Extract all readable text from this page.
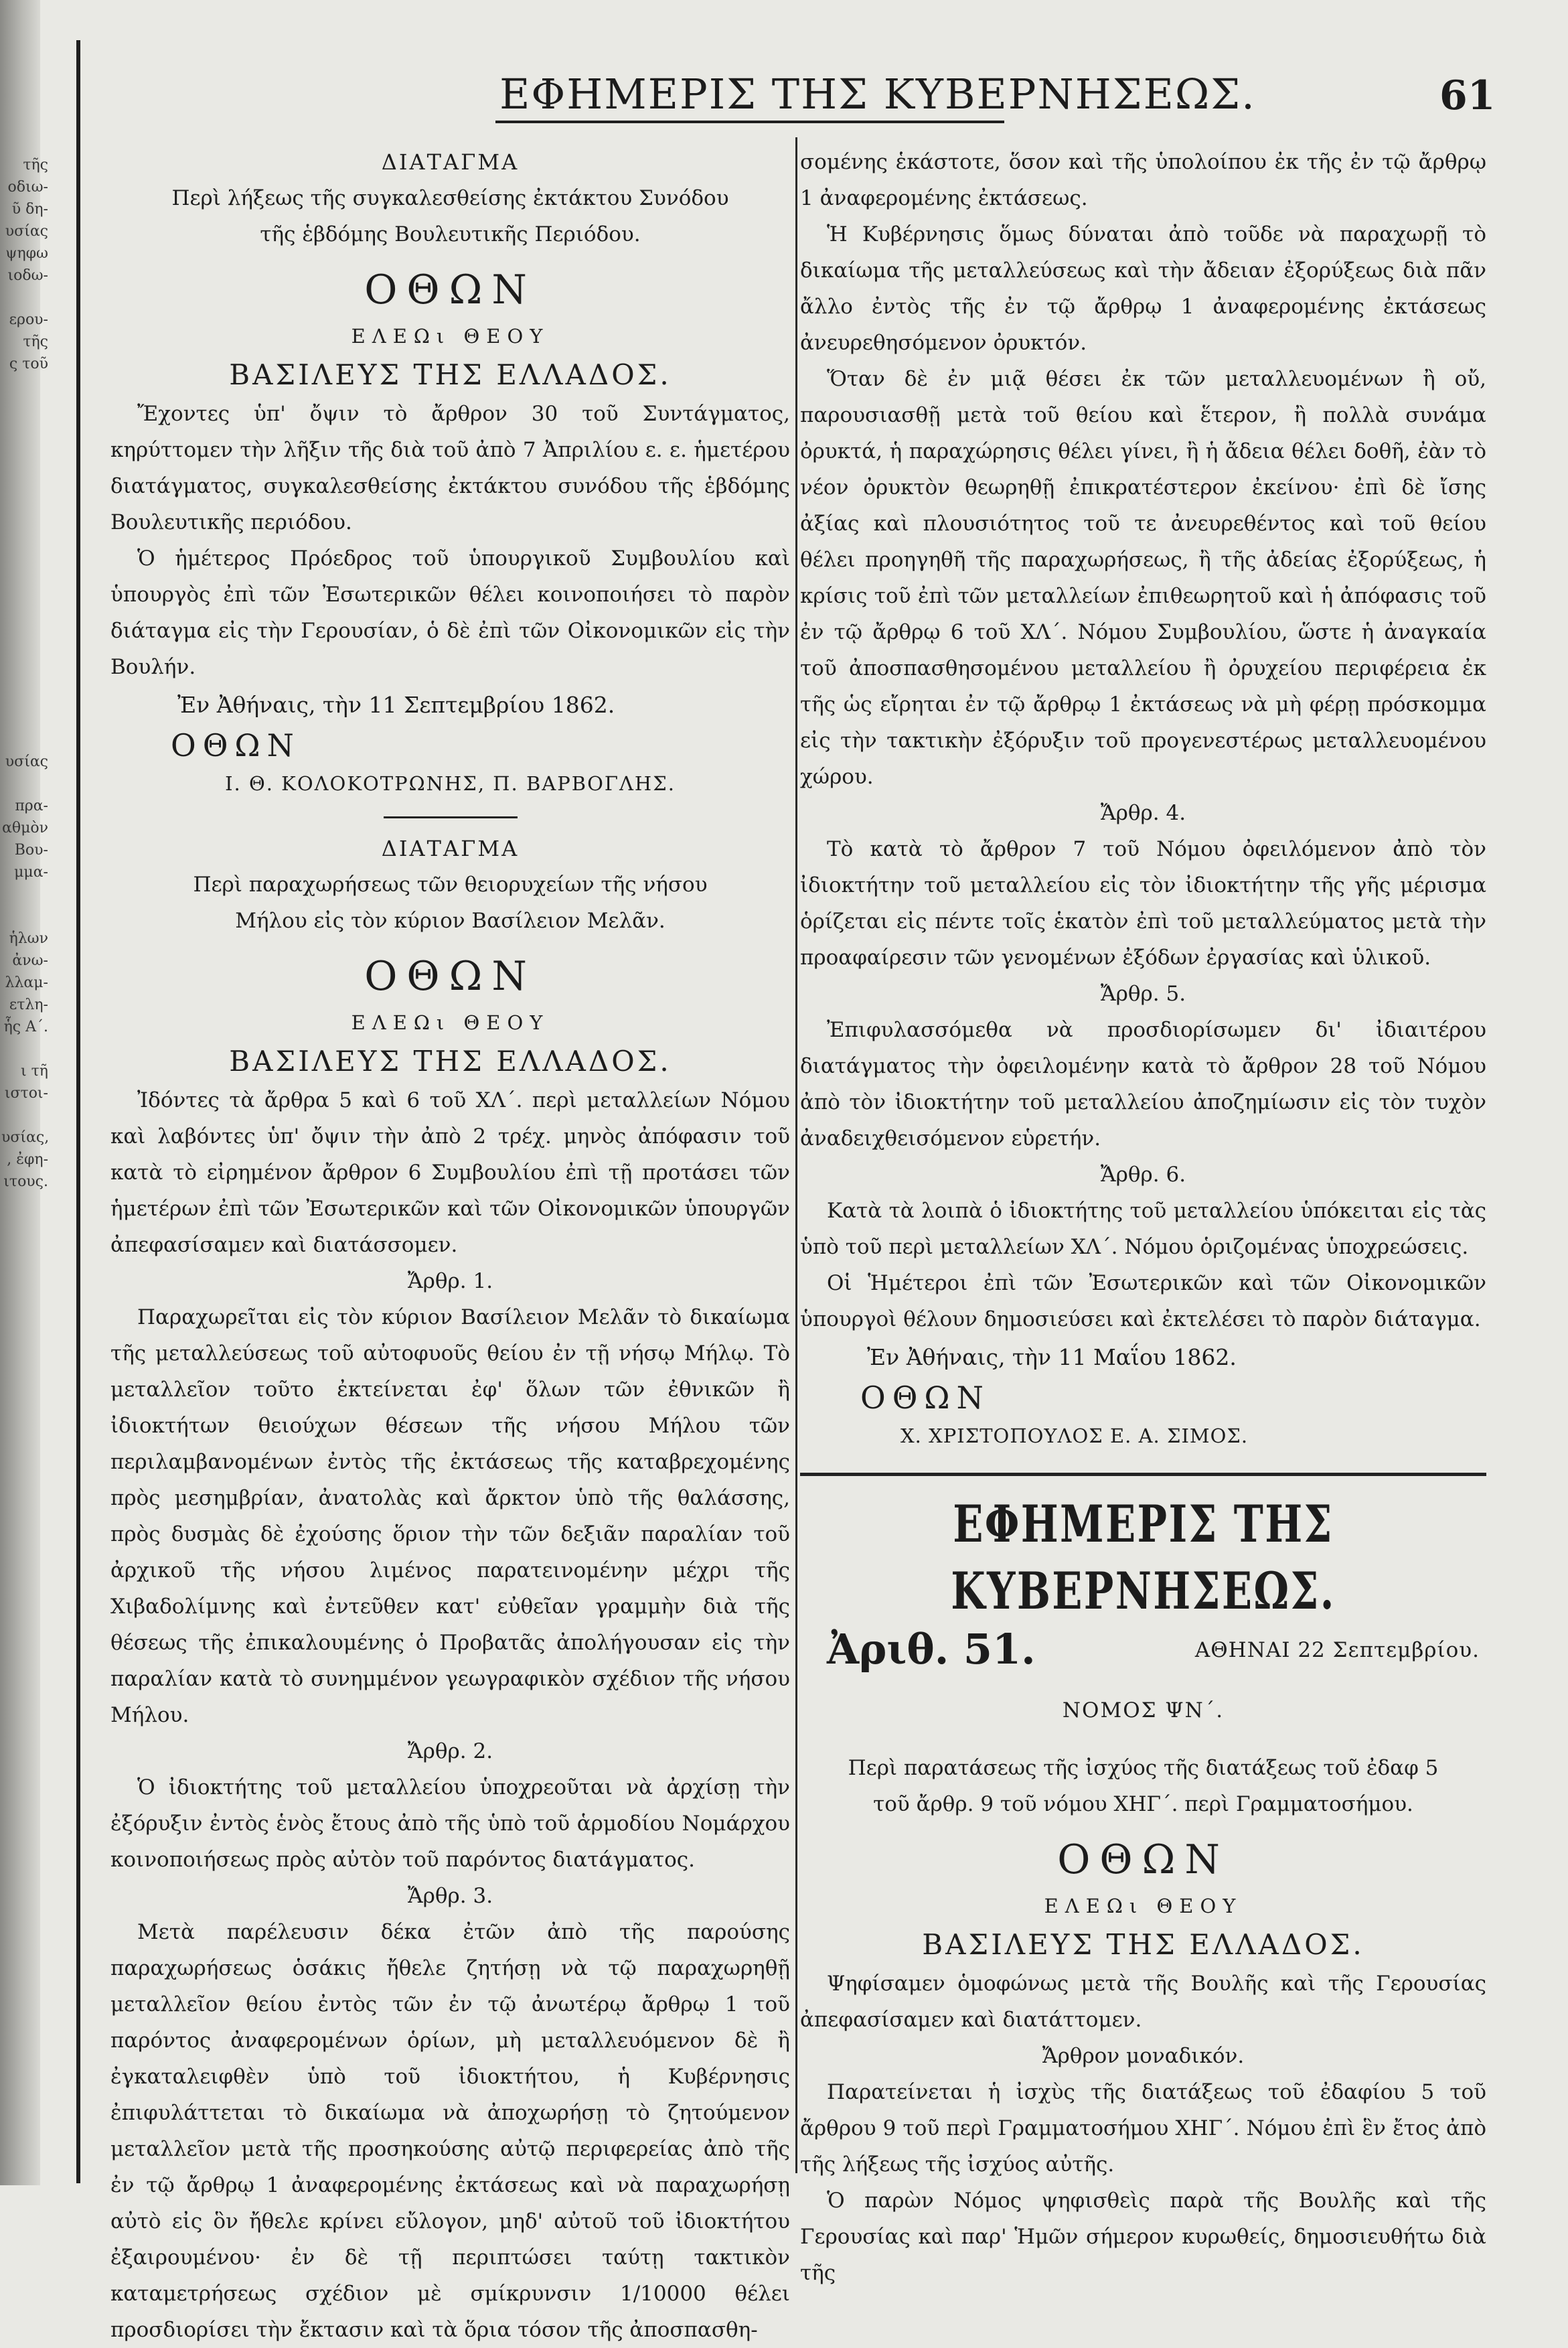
τῆς
οδιω-
ῦ δη-
υσίας
ψηφω
ιοδω-
ερου-
τῆς
ς τοῦ
υσίας
πρα-
αθμὸν
Βου-
μμα-
ἡλων
ἀνω-
λλαμ-
ετλη-
ἧς Α΄.
ι τῆ
ιστοι-
υσίας,
, ἐφη-
ιτους.
ΕΦΗΜΕΡΙΣ ΤΗΣ ΚΥΒΕΡΝΗΣΕΩΣ.	61

ΔΙΑΤΑΓΜΑ

Περὶ λήξεως τῆς συγκαλεσθείσης ἐκτάκτου Συνόδου τῆς ἑβδόμης Βουλευτικῆς Περιόδου.

ΟΘΩΝ

ΕΛΕΩι ΘΕΟΥ

ΒΑΣΙΛΕΥΣ ΤΗΣ ΕΛΛΑΔΟΣ.

Ἔχοντες ὑπ' ὄψιν τὸ ἄρθρον 30 τοῦ Συντάγματος, κηρύττομεν τὴν λῆξιν τῆς διὰ τοῦ ἀπὸ 7 Ἀπριλίου ε. ε. ἡμετέρου διατάγματος, συγκαλεσθείσης ἐκτάκτου συνόδου τῆς ἑβδόμης Βουλευτικῆς περιόδου.

Ὁ ἡμέτερος Πρόεδρος τοῦ ὑπουργικοῦ Συμβουλίου καὶ ὑπουργὸς ἐπὶ τῶν Ἐσωτερικῶν θέλει κοινοποιήσει τὸ παρὸν διάταγμα εἰς τὴν Γερουσίαν, ὁ δὲ ἐπὶ τῶν Οἰκονομικῶν εἰς τὴν Βουλήν.

Ἐν Ἀθήναις, τὴν 11 Σεπτεμβρίου 1862.

ΟΘΩΝ

Ι. Θ. ΚΟΛΟΚΟΤΡΩΝΗΣ, Π. ΒΑΡΒΟΓΛΗΣ.

ΔΙΑΤΑΓΜΑ

Περὶ παραχωρήσεως τῶν θειορυχείων τῆς νήσου Μήλου εἰς τὸν κύριον Βασίλειον Μελᾶν.

ΟΘΩΝ

ΕΛΕΩι ΘΕΟΥ

ΒΑΣΙΛΕΥΣ ΤΗΣ ΕΛΛΑΔΟΣ.

Ἰδόντες τὰ ἄρθρα 5 καὶ 6 τοῦ ΧΛ΄. περὶ μεταλλείων Νόμου καὶ λαβόντες ὑπ' ὄψιν τὴν ἀπὸ 2 τρέχ. μηνὸς ἀπόφασιν τοῦ κατὰ τὸ εἰρημένον ἄρθρον 6 Συμβουλίου ἐπὶ τῇ προτάσει τῶν ἡμετέρων ἐπὶ τῶν Ἐσωτερικῶν καὶ τῶν Οἰκονομικῶν ὑπουργῶν ἀπεφασίσαμεν καὶ διατάσσομεν.

Ἄρθρ. 1.

Παραχωρεῖται εἰς τὸν κύριον Βασίλειον Μελᾶν τὸ δικαίωμα τῆς μεταλλεύσεως τοῦ αὐτοφυοῦς θείου ἐν τῇ νήσῳ Μήλῳ. Τὸ μεταλλεῖον τοῦτο ἐκτείνεται ἐφ' ὅλων τῶν ἐθνικῶν ἢ ἰδιοκτήτων θειούχων θέσεων τῆς νήσου Μήλου τῶν περιλαμβανομένων ἐντὸς τῆς ἐκτάσεως τῆς καταβρεχομένης πρὸς μεσημβρίαν, ἀνατολὰς καὶ ἄρκτον ὑπὸ τῆς θαλάσσης, πρὸς δυσμὰς δὲ ἐχούσης ὅριον τὴν τῶν δεξιᾶν παραλίαν τοῦ ἀρχικοῦ τῆς νήσου λιμένος παρατεινομένην μέχρι τῆς Χιβαδολίμνης καὶ ἐντεῦθεν κατ' εὐθεῖαν γραμμὴν διὰ τῆς θέσεως τῆς ἐπικαλουμένης ὁ Προβατᾶς ἀπολήγουσαν εἰς τὴν παραλίαν κατὰ τὸ συνημμένον γεωγραφικὸν σχέδιον τῆς νήσου Μήλου.

Ἄρθρ. 2.

Ὁ ἰδιοκτήτης τοῦ μεταλλείου ὑποχρεοῦται νὰ ἀρχίσῃ τὴν ἐξόρυξιν ἐντὸς ἑνὸς ἔτους ἀπὸ τῆς ὑπὸ τοῦ ἁρμοδίου Νομάρχου κοινοποιήσεως πρὸς αὐτὸν τοῦ παρόντος διατάγματος.

Ἄρθρ. 3.

Μετὰ παρέλευσιν δέκα ἐτῶν ἀπὸ τῆς παρούσης παραχωρήσεως ὁσάκις ἤθελε ζητήσῃ νὰ τῷ παραχωρηθῇ μεταλλεῖον θείου ἐντὸς τῶν ἐν τῷ ἀνωτέρῳ ἄρθρῳ 1 τοῦ παρόντος ἀναφερομένων ὁρίων, μὴ μεταλλευόμενον δὲ ἢ ἐγκαταλειφθὲν ὑπὸ τοῦ ἰδιοκτήτου, ἡ Κυβέρνησις ἐπιφυλάττεται τὸ δικαίωμα νὰ ἀποχωρήσῃ τὸ ζητούμενον μεταλλεῖον μετὰ τῆς προσηκούσης αὐτῷ περιφερείας ἀπὸ τῆς ἐν τῷ ἄρθρῳ 1 ἀναφερομένης ἐκτάσεως καὶ νὰ παραχωρήσῃ αὐτὸ εἰς ὃν ἤθελε κρίνει εὔλογον, μηδ' αὐτοῦ τοῦ ἰδιοκτήτου ἐξαιρουμένου· ἐν δὲ τῇ περιπτώσει ταύτῃ τακτικὸν καταμετρήσεως σχέδιον μὲ σμίκρυνσιν 1/10000 θέλει προσδιορίσει τὴν ἔκτασιν καὶ τὰ ὅρια τόσον τῆς ἀποσπασθη-

σομένης ἑκάστοτε, ὅσον καὶ τῆς ὑπολοίπου ἐκ τῆς ἐν τῷ ἄρθρῳ 1 ἀναφερομένης ἐκτάσεως.

Ἡ Κυβέρνησις ὅμως δύναται ἀπὸ τοῦδε νὰ παραχωρῇ τὸ δικαίωμα τῆς μεταλλεύσεως καὶ τὴν ἄδειαν ἐξορύξεως διὰ πᾶν ἄλλο ἐντὸς τῆς ἐν τῷ ἄρθρῳ 1 ἀναφερομένης ἐκτάσεως ἀνευρεθησόμενον ὀρυκτόν.

Ὅταν δὲ ἐν μιᾷ θέσει ἐκ τῶν μεταλλευομένων ἢ οὔ, παρουσιασθῇ μετὰ τοῦ θείου καὶ ἕτερον, ἢ πολλὰ συνάμα ὀρυκτά, ἡ παραχώρησις θέλει γίνει, ἢ ἡ ἄδεια θέλει δοθῆ, ἐὰν τὸ νέον ὀρυκτὸν θεωρηθῇ ἐπικρατέστερον ἐκείνου· ἐπὶ δὲ ἴσης ἀξίας καὶ πλουσιότητος τοῦ τε ἀνευρεθέντος καὶ τοῦ θείου θέλει προηγηθῆ τῆς παραχωρήσεως, ἢ τῆς ἀδείας ἐξορύξεως, ἡ κρίσις τοῦ ἐπὶ τῶν μεταλλείων ἐπιθεωρητοῦ καὶ ἡ ἀπόφασις τοῦ ἐν τῷ ἄρθρῳ 6 τοῦ ΧΛ΄. Νόμου Συμβουλίου, ὥστε ἡ ἀναγκαία τοῦ ἀποσπασθησομένου μεταλλείου ἢ ὀρυχείου περιφέρεια ἐκ τῆς ὡς εἴρηται ἐν τῷ ἄρθρῳ 1 ἐκτάσεως νὰ μὴ φέρῃ πρόσκομμα εἰς τὴν τακτικὴν ἐξόρυξιν τοῦ προγενεστέρως μεταλλευομένου χώρου.

Ἄρθρ. 4.

Τὸ κατὰ τὸ ἄρθρον 7 τοῦ Νόμου ὀφειλόμενον ἀπὸ τὸν ἰδιοκτήτην τοῦ μεταλλείου εἰς τὸν ἰδιοκτήτην τῆς γῆς μέρισμα ὁρίζεται εἰς πέντε τοῖς ἑκατὸν ἐπὶ τοῦ μεταλλεύματος μετὰ τὴν προαφαίρεσιν τῶν γενομένων ἐξόδων ἐργασίας καὶ ὑλικοῦ.

Ἄρθρ. 5.

Ἐπιφυλασσόμεθα νὰ προσδιορίσωμεν δι' ἰδιαιτέρου διατάγματος τὴν ὀφειλομένην κατὰ τὸ ἄρθρον 28 τοῦ Νόμου ἀπὸ τὸν ἰδιοκτήτην τοῦ μεταλλείου ἀποζημίωσιν εἰς τὸν τυχὸν ἀναδειχθεισόμενον εὑρετήν.

Ἄρθρ. 6.

Κατὰ τὰ λοιπὰ ὁ ἰδιοκτήτης τοῦ μεταλλείου ὑπόκειται εἰς τὰς ὑπὸ τοῦ περὶ μεταλλείων ΧΛ΄. Νόμου ὁριζομένας ὑποχρεώσεις.

Οἱ Ἡμέτεροι ἐπὶ τῶν Ἐσωτερικῶν καὶ τῶν Οἰκονομικῶν ὑπουργοὶ θέλουν δημοσιεύσει καὶ ἐκτελέσει τὸ παρὸν διάταγμα.

Ἐν Ἀθήναις, τὴν 11 Μαΐου 1862.

ΟΘΩΝ

Χ. ΧΡΙΣΤΟΠΟΥΛΟΣ Ε. Α. ΣΙΜΟΣ.

ΕΦΗΜΕΡΙΣ ΤΗΣ ΚΥΒΕΡΝΗΣΕΩΣ.
Ἀριθ. 51.	ΑΘΗΝΑΙ 22 Σεπτεμβρίου.

ΝΟΜΟΣ ΨΝ΄.

Περὶ παρατάσεως τῆς ἰσχύος τῆς διατάξεως τοῦ ἐδαφ 5 τοῦ ἄρθρ. 9 τοῦ νόμου ΧΗΓ΄. περὶ Γραμματοσήμου.

ΟΘΩΝ

ΕΛΕΩι ΘΕΟΥ

ΒΑΣΙΛΕΥΣ ΤΗΣ ΕΛΛΑΔΟΣ.

Ψηφίσαμεν ὁμοφώνως μετὰ τῆς Βουλῆς καὶ τῆς Γερουσίας ἀπεφασίσαμεν καὶ διατάττομεν.

Ἄρθρον μοναδικόν.

Παρατείνεται ἡ ἰσχὺς τῆς διατάξεως τοῦ ἐδαφίου 5 τοῦ ἄρθρου 9 τοῦ περὶ Γραμματοσήμου ΧΗΓ΄. Νόμου ἐπὶ ἓν ἔτος ἀπὸ τῆς λήξεως τῆς ἰσχύος αὐτῆς.

Ὁ παρὼν Νόμος ψηφισθεὶς παρὰ τῆς Βουλῆς καὶ τῆς Γερουσίας καὶ παρ' Ἡμῶν σήμερον κυρωθείς, δημοσιευθήτω διὰ τῆς
